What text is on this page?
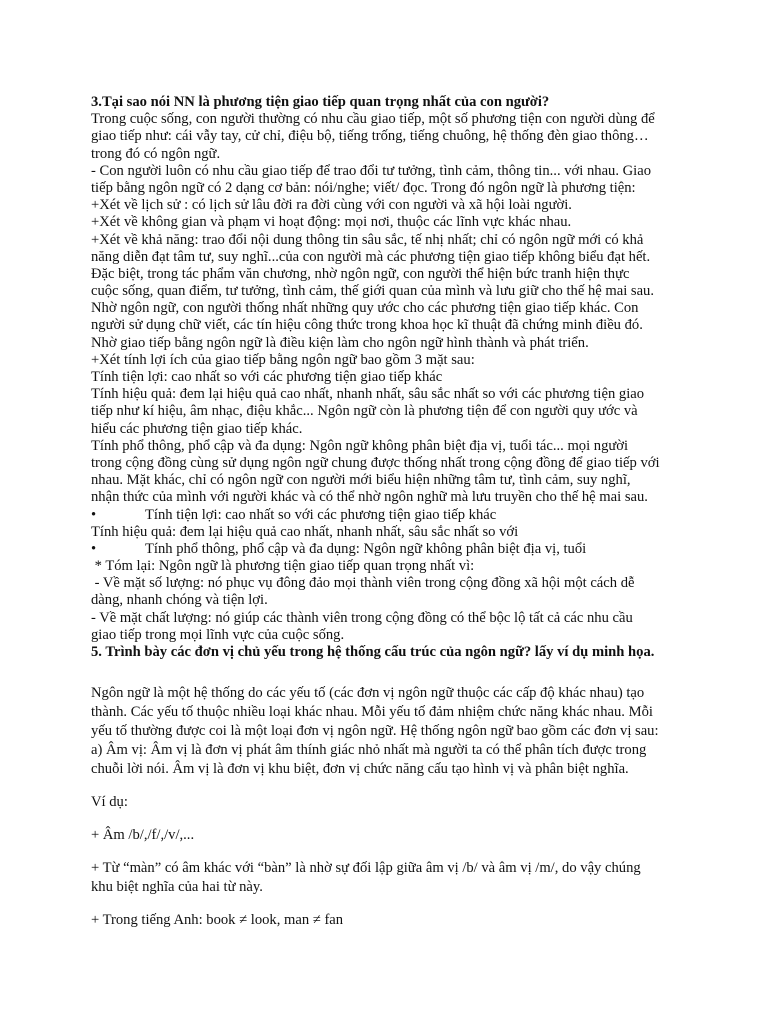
3.Tại sao nói NN là phương tiện giao tiếp quan trọng nhất của con người?
Trong cuộc sống, con người thường có nhu cầu giao tiếp, một số phương tiện con người dùng để
giao tiếp như: cái vẫy tay, cử chỉ, điệu bộ, tiếng trống, tiếng chuông, hệ thống đèn giao thông…
trong đó có ngôn ngữ.
- Con người luôn có nhu cầu giao tiếp để trao đổi tư tưởng, tình cảm, thông tin... với nhau. Giao
tiếp bằng ngôn ngữ có 2 dạng cơ bản: nói/nghe; viết/ đọc. Trong đó ngôn ngữ là phương tiện:
+Xét về lịch sử : có lịch sử lâu đời ra đời cùng với con người và xã hội loài người.
+Xét về không gian và phạm vi hoạt động: mọi nơi, thuộc các lĩnh vực khác nhau.
+Xét về khả năng: trao đổi nội dung thông tin sâu sắc, tế nhị nhất; chỉ có ngôn ngữ mới có khả
năng diễn đạt tâm tư, suy nghĩ...của con người mà các phương tiện giao tiếp không biểu đạt hết.
Đặc biệt, trong tác phẩm văn chương, nhờ ngôn ngữ, con người thể hiện bức tranh hiện thực
cuộc sống, quan điểm, tư tưởng, tình cảm, thế giới quan của mình và lưu giữ cho thế hệ mai sau.
Nhờ ngôn ngữ, con người thống nhất những quy ước cho các phương tiện giao tiếp khác. Con
người sử dụng chữ viết, các tín hiệu công thức trong khoa học kĩ thuật đã chứng minh điều đó.
Nhờ giao tiếp bằng ngôn ngữ là điều kiện làm cho ngôn ngữ hình thành và phát triển.
+Xét tính lợi ích của giao tiếp bằng ngôn ngữ bao gồm 3 mặt sau:
Tính tiện lợi: cao nhất so với các phương tiện giao tiếp khác
Tính hiệu quả: đem lại hiệu quả cao nhất, nhanh nhất, sâu sắc nhất so với các phương tiện giao
tiếp như kí hiệu, âm nhạc, điệu khắc... Ngôn ngữ còn là phương tiện để con người quy ước và
hiểu các phương tiện giao tiếp khác.
Tính phổ thông, phổ cập và đa dụng: Ngôn ngữ không phân biệt địa vị, tuổi tác... mọi người
trong cộng đồng cùng sử dụng ngôn ngữ chung được thống nhất trong cộng đồng để giao tiếp với
nhau. Mặt khác, chỉ có ngôn ngữ con người mới biểu hiện những tâm tư, tình cảm, suy nghĩ,
nhận thức của mình với người khác và có thể nhờ ngôn nghữ mà lưu truyền cho thế hệ mai sau.
•	Tính tiện lợi: cao nhất so với các phương tiện giao tiếp khác
Tính hiệu quả: đem lại hiệu quả cao nhất, nhanh nhất, sâu sắc nhất so với
•	Tính phổ thông, phổ cập và đa dụng: Ngôn ngữ không phân biệt địa vị, tuổi
* Tóm lại: Ngôn ngữ là phương tiện giao tiếp quan trọng nhất vì:
- Về mặt số lượng: nó phục vụ đông đảo mọi thành viên trong cộng đồng xã hội một cách dễ
dàng, nhanh chóng và tiện lợi.
- Về mặt chất lượng: nó giúp các thành viên trong cộng đồng có thể bộc lộ tất cả các nhu cầu
giao tiếp trong mọi lĩnh vực của cuộc sống.
5. Trình bày các đơn vị chủ yếu trong hệ thống cấu trúc của ngôn ngữ? lấy ví dụ minh họa.
Ngôn ngữ là một hệ thống do các yếu tố (các đơn vị ngôn ngữ thuộc các cấp độ khác nhau) tạo
thành. Các yếu tố thuộc nhiều loại khác nhau. Mỗi yếu tố đảm nhiệm chức năng khác nhau. Mỗi
yếu tố thường được coi là một loại đơn vị ngôn ngữ. Hệ thống ngôn ngữ bao gồm các đơn vị sau:
a) Âm vị: Âm vị là đơn vị phát âm thính giác nhỏ nhất mà người ta có thể phân tích được trong
chuỗi lời nói. Âm vị là đơn vị khu biệt, đơn vị chức năng cấu tạo hình vị và phân biệt nghĩa.
Ví dụ:
+ Âm /b/,/f/,/v/,...
+ Từ “màn” có âm khác với “bàn” là nhờ sự đối lập giữa âm vị /b/ và âm vị /m/, do vậy chúng
khu biệt nghĩa của hai từ này.
+ Trong tiếng Anh: book ≠ look, man ≠ fan
